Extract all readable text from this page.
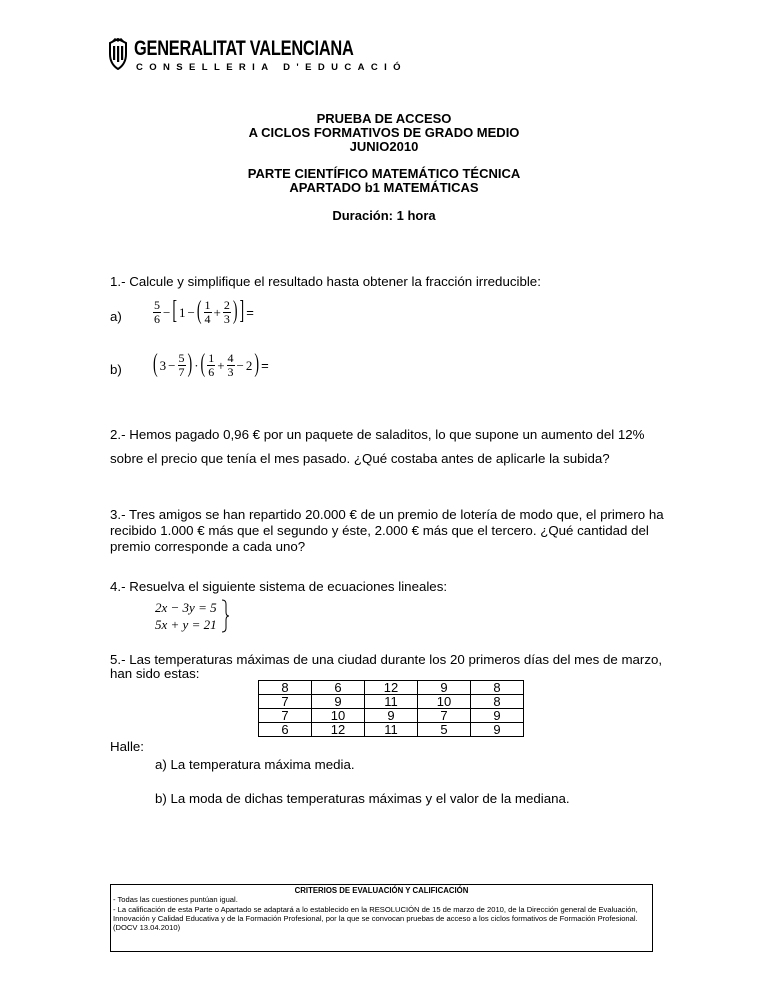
GENERALITAT VALENCIANA
CONSELLERIA D'EDUCACIÓ
PRUEBA DE ACCESO
A CICLOS FORMATIVOS DE GRADO MEDIO
JUNIO2010
PARTE CIENTÍFICO MATEMÁTICO TÉCNICA
APARTADO b1 MATEMÁTICAS
Duración: 1 hora
1.- Calcule y simplifique el resultado hasta obtener la fracción irreducible:
a)	$\frac{5}{6}$ − [ 1 − ( $\frac{1}{4} + \frac{2}{3}$ ) ] =
b) ( $3 - \frac{5}{7}$ ) · ( $\frac{1}{6} + \frac{4}{3} - 2$ ) =
2.- Hemos pagado 0,96 € por un paquete de saladitos, lo que supone un aumento del 12%
sobre el precio que tenía el mes pasado. ¿Qué costaba antes de aplicarle la subida?
3.- Tres amigos se han repartido 20.000 € de un premio de lotería de modo que, el primero ha
recibido 1.000 € más que el segundo y éste, 2.000 € más que el tercero. ¿Qué cantidad del
premio corresponde a cada uno?
4.- Resuelva el siguiente sistema de ecuaciones lineales:
2x − 3y = 5
5x + y = 21
5.- Las temperaturas máximas de una ciudad durante los 20 primeros días del mes de marzo,
han sido estas:
8	6	12	9	8
7	9	11	10	8
7	10	9	7	9
6	12	11	5	9
Halle:
a) La temperatura máxima media.
b) La moda de dichas temperaturas máximas y el valor de la mediana.
CRITERIOS DE EVALUACIÓN Y CALIFICACIÓN
- Todas las cuestiones puntúan igual.
- La calificación de esta Parte o Apartado se adaptará a lo establecido en la RESOLUCIÓN de 15 de marzo de 2010, de la Dirección general de Evaluación, Innovación y Calidad Educativa y de la Formación Profesional, por la que se convocan pruebas de acceso a los ciclos formativos de Formación Profesional. (DOCV 13.04.2010)
